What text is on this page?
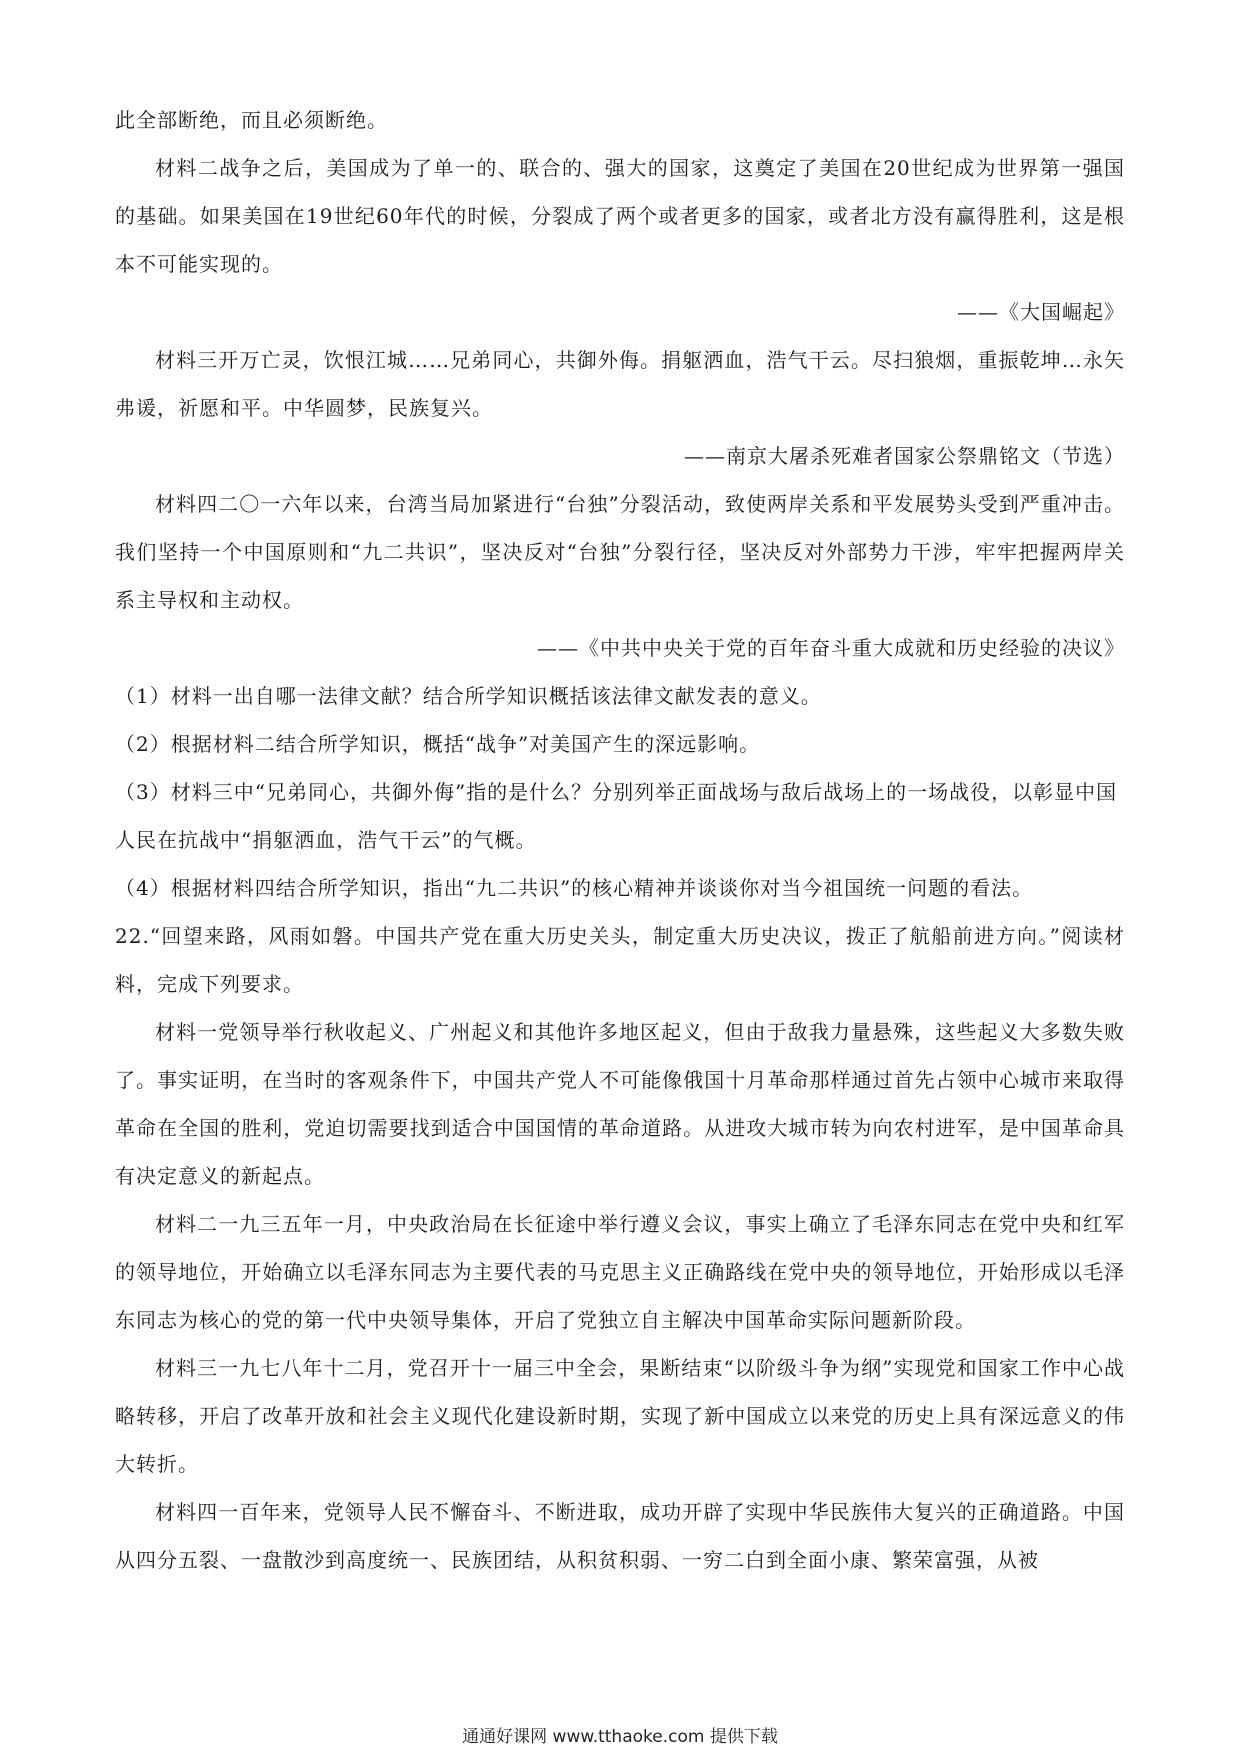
此全部断绝，而且必须断绝。

材料二战争之后，美国成为了单一的、联合的、强大的国家，这奠定了美国在20世纪成为世界第一强国的基础。如果美国在19世纪60年代的时候，分裂成了两个或者更多的国家，或者北方没有赢得胜利，这是根本不可能实现的。

——《大国崛起》

材料三开万亡灵，饮恨江城……兄弟同心，共御外侮。捐躯洒血，浩气干云。尽扫狼烟，重振乾坤…永矢弗谖，祈愿和平。中华圆梦，民族复兴。

——南京大屠杀死难者国家公祭鼎铭文（节选）

材料四二〇一六年以来，台湾当局加紧进行“台独”分裂活动，致使两岸关系和平发展势头受到严重冲击。我们坚持一个中国原则和“九二共识”，坚决反对“台独”分裂行径，坚决反对外部势力干涉，牢牢把握两岸关系主导权和主动权。

——《中共中央关于党的百年奋斗重大成就和历史经验的决议》

（1）材料一出自哪一法律文献？结合所学知识概括该法律文献发表的意义。

（2）根据材料二结合所学知识，概括“战争”对美国产生的深远影响。

（3）材料三中“兄弟同心，共御外侮”指的是什么？分别列举正面战场与敌后战场上的一场战役，以彰显中国人民在抗战中“捐躯洒血，浩气干云”的气概。

（4）根据材料四结合所学知识，指出“九二共识”的核心精神并谈谈你对当今祖国统一问题的看法。

22.“回望来路，风雨如磐。中国共产党在重大历史关头，制定重大历史决议，拨正了航船前进方向。”阅读材料，完成下列要求。

材料一党领导举行秋收起义、广州起义和其他许多地区起义，但由于敌我力量悬殊，这些起义大多数失败了。事实证明，在当时的客观条件下，中国共产党人不可能像俄国十月革命那样通过首先占领中心城市来取得革命在全国的胜利，党迫切需要找到适合中国国情的革命道路。从进攻大城市转为向农村进军，是中国革命具有决定意义的新起点。

材料二一九三五年一月，中央政治局在长征途中举行遵义会议，事实上确立了毛泽东同志在党中央和红军的领导地位，开始确立以毛泽东同志为主要代表的马克思主义正确路线在党中央的领导地位，开始形成以毛泽东同志为核心的党的第一代中央领导集体，开启了党独立自主解决中国革命实际问题新阶段。

材料三一九七八年十二月，党召开十一届三中全会，果断结束“以阶级斗争为纲”实现党和国家工作中心战略转移，开启了改革开放和社会主义现代化建设新时期，实现了新中国成立以来党的历史上具有深远意义的伟大转折。

材料四一百年来，党领导人民不懈奋斗、不断进取，成功开辟了实现中华民族伟大复兴的正确道路。中国从四分五裂、一盘散沙到高度统一、民族团结，从积贫积弱、一穷二白到全面小康、繁荣富强，从被

通通好课网 www.tthaoke.com 提供下载
